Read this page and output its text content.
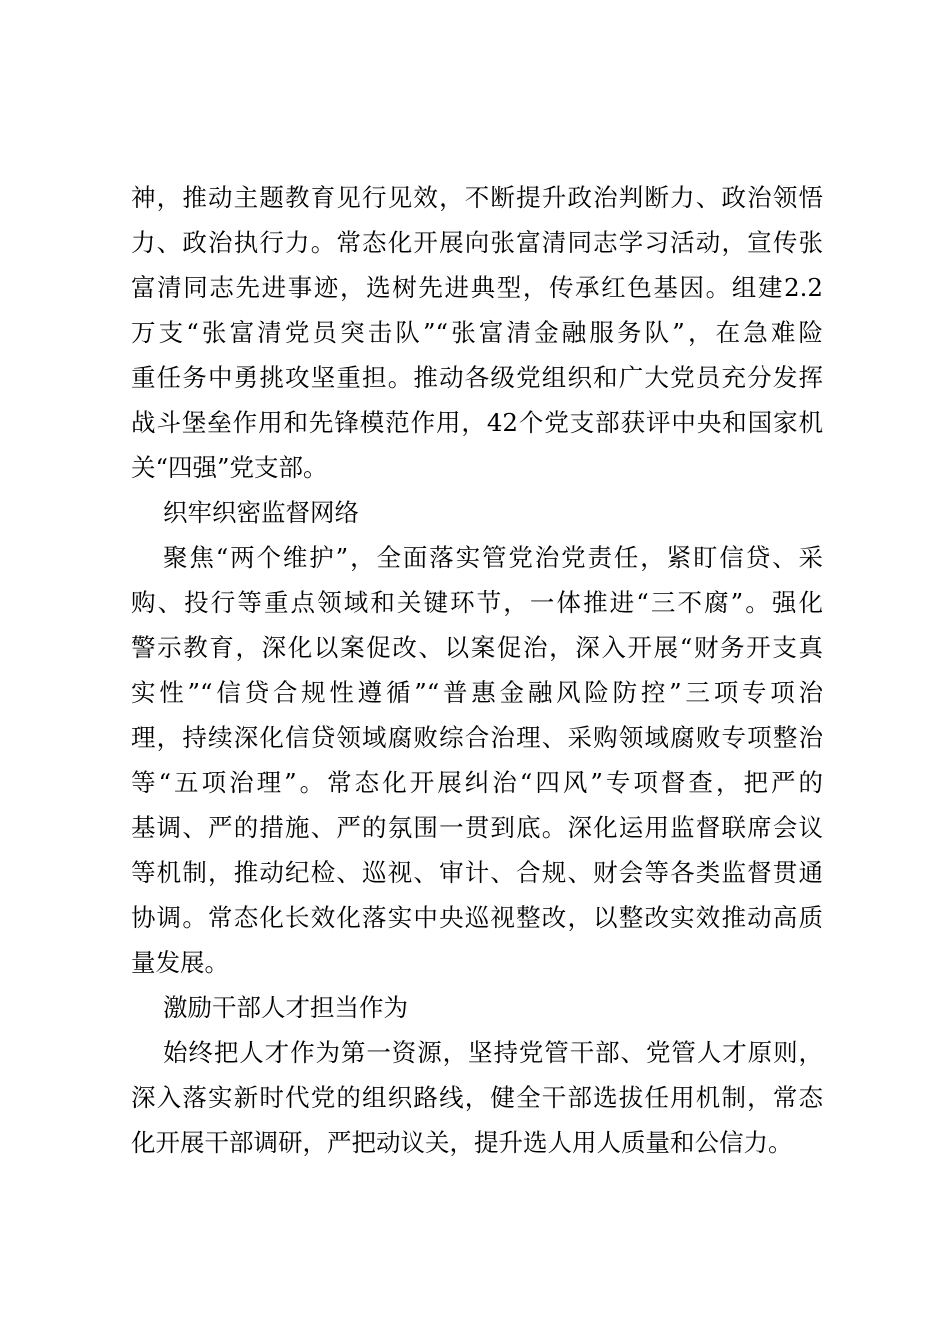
神，推动主题教育见行见效，不断提升政治判断力、政治领悟
力、政治执行力。常态化开展向张富清同志学习活动，宣传张
富清同志先进事迹，选树先进典型，传承红色基因。组建2.2
万支“张富清党员突击队”“张富清金融服务队”，在急难险
重任务中勇挑攻坚重担。推动各级党组织和广大党员充分发挥
战斗堡垒作用和先锋模范作用，42个党支部获评中央和国家机
关“四强”党支部。
织牢织密监督网络
聚焦“两个维护”，全面落实管党治党责任，紧盯信贷、采
购、投行等重点领域和关键环节，一体推进“三不腐”。强化
警示教育，深化以案促改、以案促治，深入开展“财务开支真
实性”“信贷合规性遵循”“普惠金融风险防控”三项专项治
理，持续深化信贷领域腐败综合治理、采购领域腐败专项整治
等“五项治理”。常态化开展纠治“四风”专项督查，把严的
基调、严的措施、严的氛围一贯到底。深化运用监督联席会议
等机制，推动纪检、巡视、审计、合规、财会等各类监督贯通
协调。常态化长效化落实中央巡视整改，以整改实效推动高质
量发展。
激励干部人才担当作为
始终把人才作为第一资源，坚持党管干部、党管人才原则，
深入落实新时代党的组织路线，健全干部选拔任用机制，常态
化开展干部调研，严把动议关，提升选人用人质量和公信力。
